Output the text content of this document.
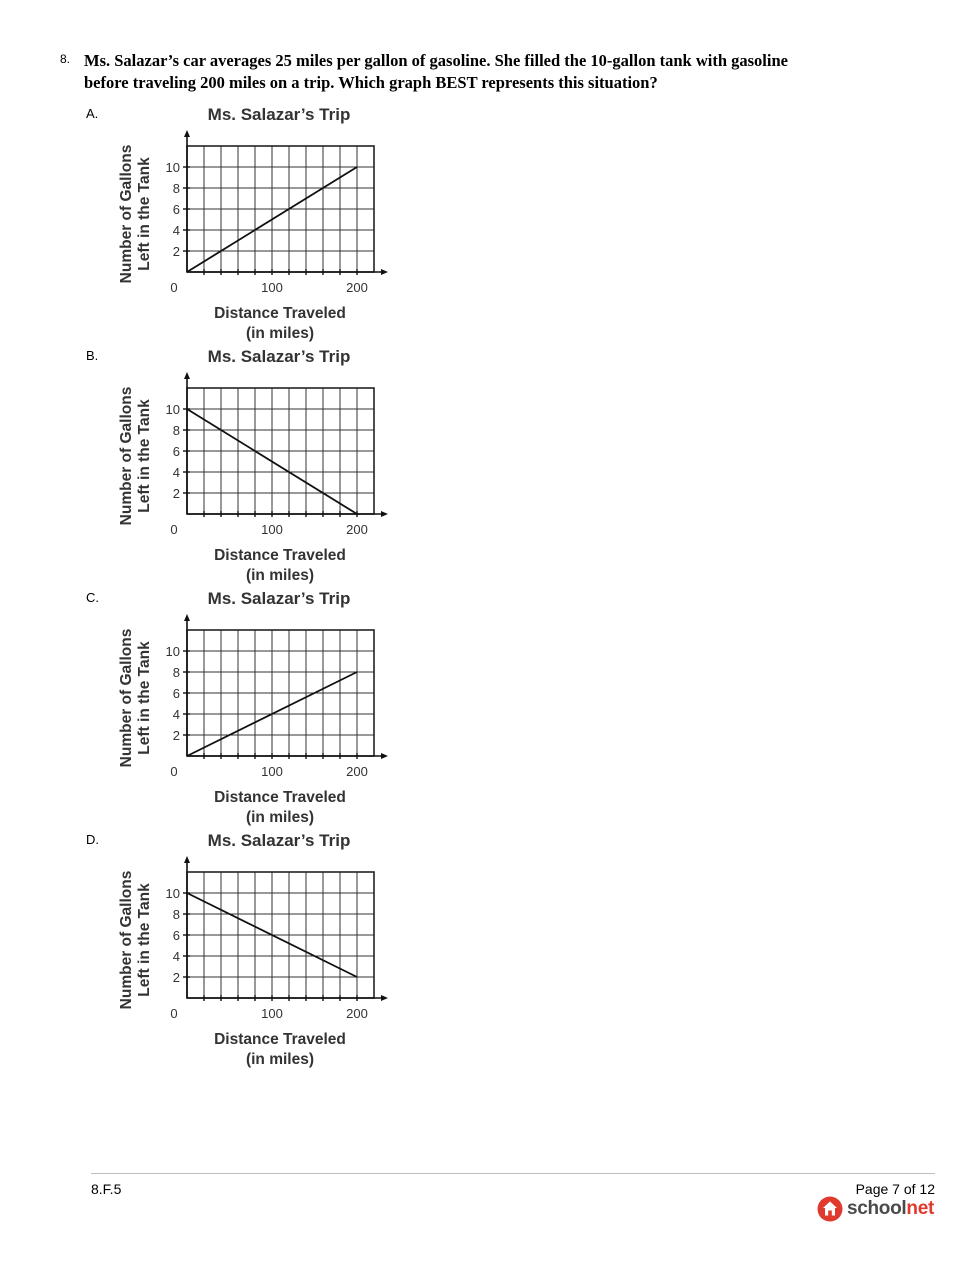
8. Ms. Salazar’s car averages 25 miles per gallon of gasoline. She filled the 10-gallon tank with gasoline before traveling 200 miles on a trip. Which graph BEST represents this situation?
A.	Ms. Salazar’s Trip
2
4
6
8
10
100	200
0
Distance Traveled
(in miles)
Number of Gallons Left in the Tank
B.	Ms. Salazar’s Trip
2
4
6
8
10
100	200
0
Distance Traveled
(in miles)
Number of Gallons Left in the Tank
C.	Ms. Salazar’s Trip
2
4
6
8
10
100	200
0
Distance Traveled
(in miles)
Number of Gallons Left in the Tank
D.	Ms. Salazar’s Trip
2
4
6
8
10
100	200
0
Distance Traveled
(in miles)
Number of Gallons Left in the Tank
8.F.5	Page 7 of 12
schoolnet
